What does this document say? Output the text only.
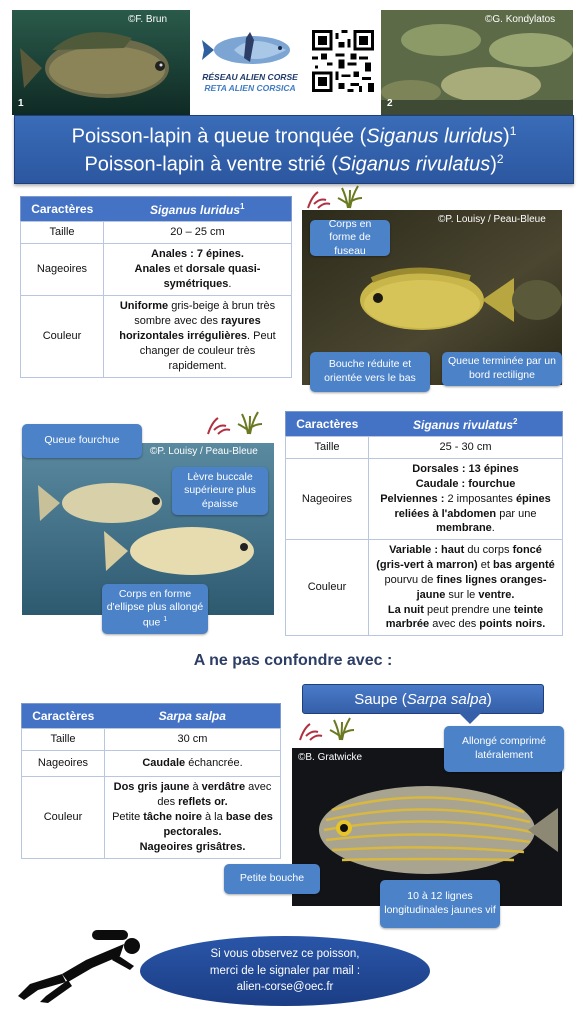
©F. Brun
1
RÉSEAU ALIEN CORSE
RETA ALIEN CORSICA
©G. Kondylatos
2
Poisson-lapin à queue tronquée (Siganus luridus)$^1$
Poisson-lapin à ventre strié (Siganus rivulatus)$^2$
Caractères	Siganus luridus$^1$
Taille	20 – 25 cm
Nageoires	Anales : 7 épines.
Anales et dorsale quasi-symétriques.
Couleur	Uniforme gris-beige à brun très sombre avec des rayures horizontales irrégulières. Peut changer de couleur très rapidement.
©P. Louisy / Peau-Bleue
Corps en forme de fuseau
Bouche réduite et orientée vers le bas
Queue terminée par un bord rectiligne
©P. Louisy / Peau-Bleue
Queue fourchue
Lèvre buccale supérieure plus épaisse
Corps en forme d'ellipse plus allongé que $^1$
Caractères	Siganus rivulatus$^2$
Taille	25 - 30 cm
Nageoires	Dorsales : 13 épines
Caudale : fourchue
Pelviennes : 2 imposantes épines reliées à l'abdomen par une membrane.
Couleur	Variable : haut du corps foncé (gris-vert à marron) et bas argenté pourvu de fines lignes oranges-jaune sur le ventre.
La nuit peut prendre une teinte marbrée avec des points noirs.
A ne pas confondre avec :
Saupe ( Sarpa salpa )
Caractères	Sarpa salpa
Taille	30 cm
Nageoires	Caudale échancrée.
Couleur	Dos gris jaune à verdâtre avec des reflets or.
Petite tâche noire à la base des pectorales.
Nageoires grisâtres.
©B. Gratwicke
Allongé comprimé latéralement
Petite bouche
10 à 12 lignes longitudinales jaunes vif
Si vous observez ce poisson,
merci de le signaler par mail :
alien-corse@oec.fr
